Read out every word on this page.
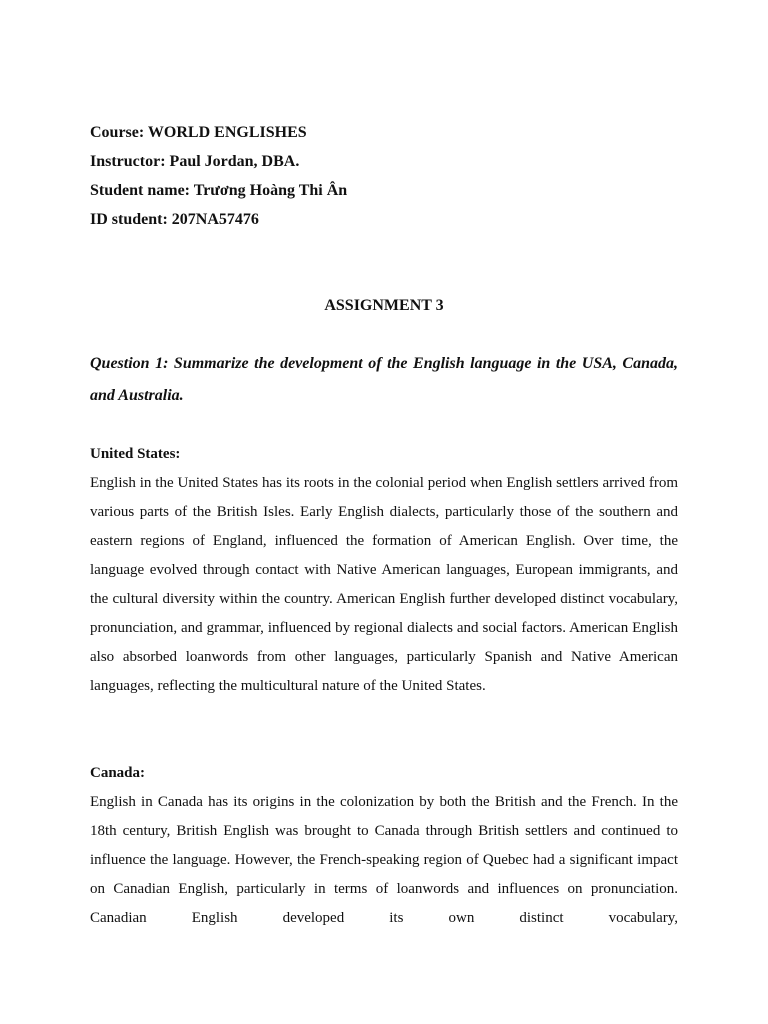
Course: WORLD ENGLISHES

Instructor: Paul Jordan, DBA.

Student name: Trương Hoàng Thi Ân

ID student: 207NA57476

ASSIGNMENT 3

Question 1: Summarize the development of the English language in the USA, Canada, and Australia.

United States:

English in the United States has its roots in the colonial period when English settlers arrived from various parts of the British Isles. Early English dialects, particularly those of the southern and eastern regions of England, influenced the formation of American English. Over time, the language evolved through contact with Native American languages, European immigrants, and the cultural diversity within the country. American English further developed distinct vocabulary, pronunciation, and grammar, influenced by regional dialects and social factors. American English also absorbed loanwords from other languages, particularly Spanish and Native American languages, reflecting the multicultural nature of the United States.

Canada:

English in Canada has its origins in the colonization by both the British and the French. In the 18th century, British English was brought to Canada through British settlers and continued to influence the language. However, the French-speaking region of Quebec had a significant impact on Canadian English, particularly in terms of loanwords and influences on pronunciation. Canadian English developed its own distinct vocabulary,
